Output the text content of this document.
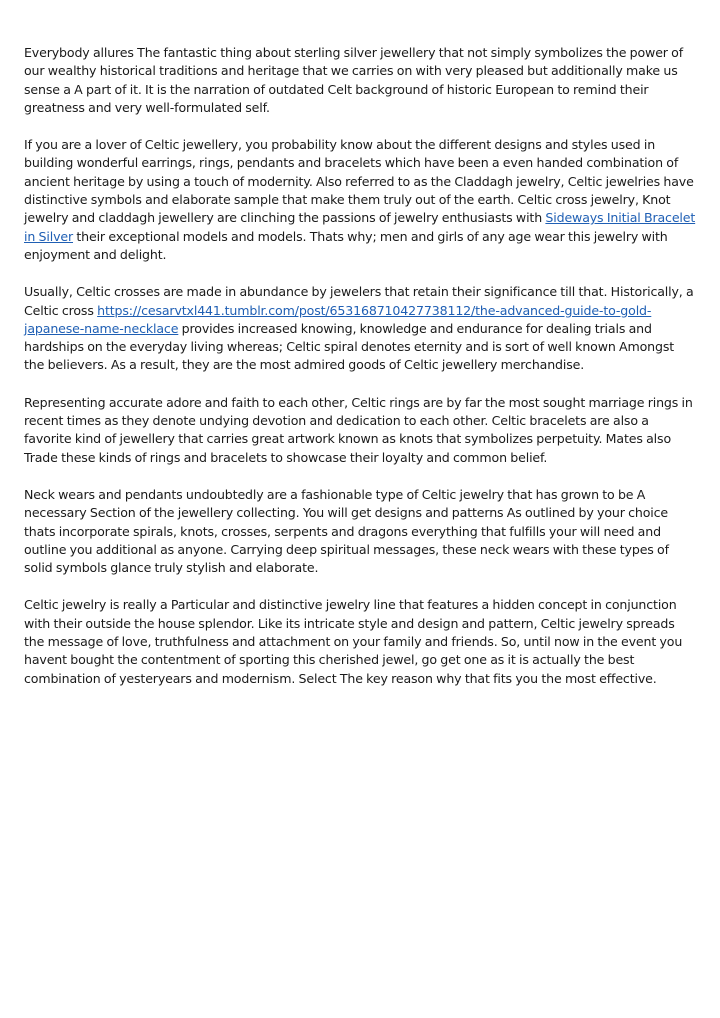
Everybody allures The fantastic thing about sterling silver jewellery that not simply symbolizes the power of our wealthy historical traditions and heritage that we carries on with very pleased but additionally make us sense a A part of it. It is the narration of outdated Celt background of historic European to remind their greatness and very well-formulated self.

If you are a lover of Celtic jewellery, you probability know about the different designs and styles used in building wonderful earrings, rings, pendants and bracelets which have been a even handed combination of ancient heritage by using a touch of modernity. Also referred to as the Claddagh jewelry, Celtic jewelries have distinctive symbols and elaborate sample that make them truly out of the earth. Celtic cross jewelry, Knot jewelry and claddagh jewellery are clinching the passions of jewelry enthusiasts with Sideways Initial Bracelet in Silver their exceptional models and models. Thats why; men and girls of any age wear this jewelry with enjoyment and delight.

Usually, Celtic crosses are made in abundance by jewelers that retain their significance till that. Historically, a Celtic cross https://cesarvtxl441.tumblr.com/post/653168710427738112/the-advanced-guide-to-gold-japanese-name-necklace provides increased knowing, knowledge and endurance for dealing trials and hardships on the everyday living whereas; Celtic spiral denotes eternity and is sort of well known Amongst the believers. As a result, they are the most admired goods of Celtic jewellery merchandise.

Representing accurate adore and faith to each other, Celtic rings are by far the most sought marriage rings in recent times as they denote undying devotion and dedication to each other. Celtic bracelets are also a favorite kind of jewellery that carries great artwork known as knots that symbolizes perpetuity. Mates also Trade these kinds of rings and bracelets to showcase their loyalty and common belief.

Neck wears and pendants undoubtedly are a fashionable type of Celtic jewelry that has grown to be A necessary Section of the jewellery collecting. You will get designs and patterns As outlined by your choice thats incorporate spirals, knots, crosses, serpents and dragons everything that fulfills your will need and outline you additional as anyone. Carrying deep spiritual messages, these neck wears with these types of solid symbols glance truly stylish and elaborate.

Celtic jewelry is really a Particular and distinctive jewelry line that features a hidden concept in conjunction with their outside the house splendor. Like its intricate style and design and pattern, Celtic jewelry spreads the message of love, truthfulness and attachment on your family and friends. So, until now in the event you havent bought the contentment of sporting this cherished jewel, go get one as it is actually the best combination of yesteryears and modernism. Select The key reason why that fits you the most effective.
